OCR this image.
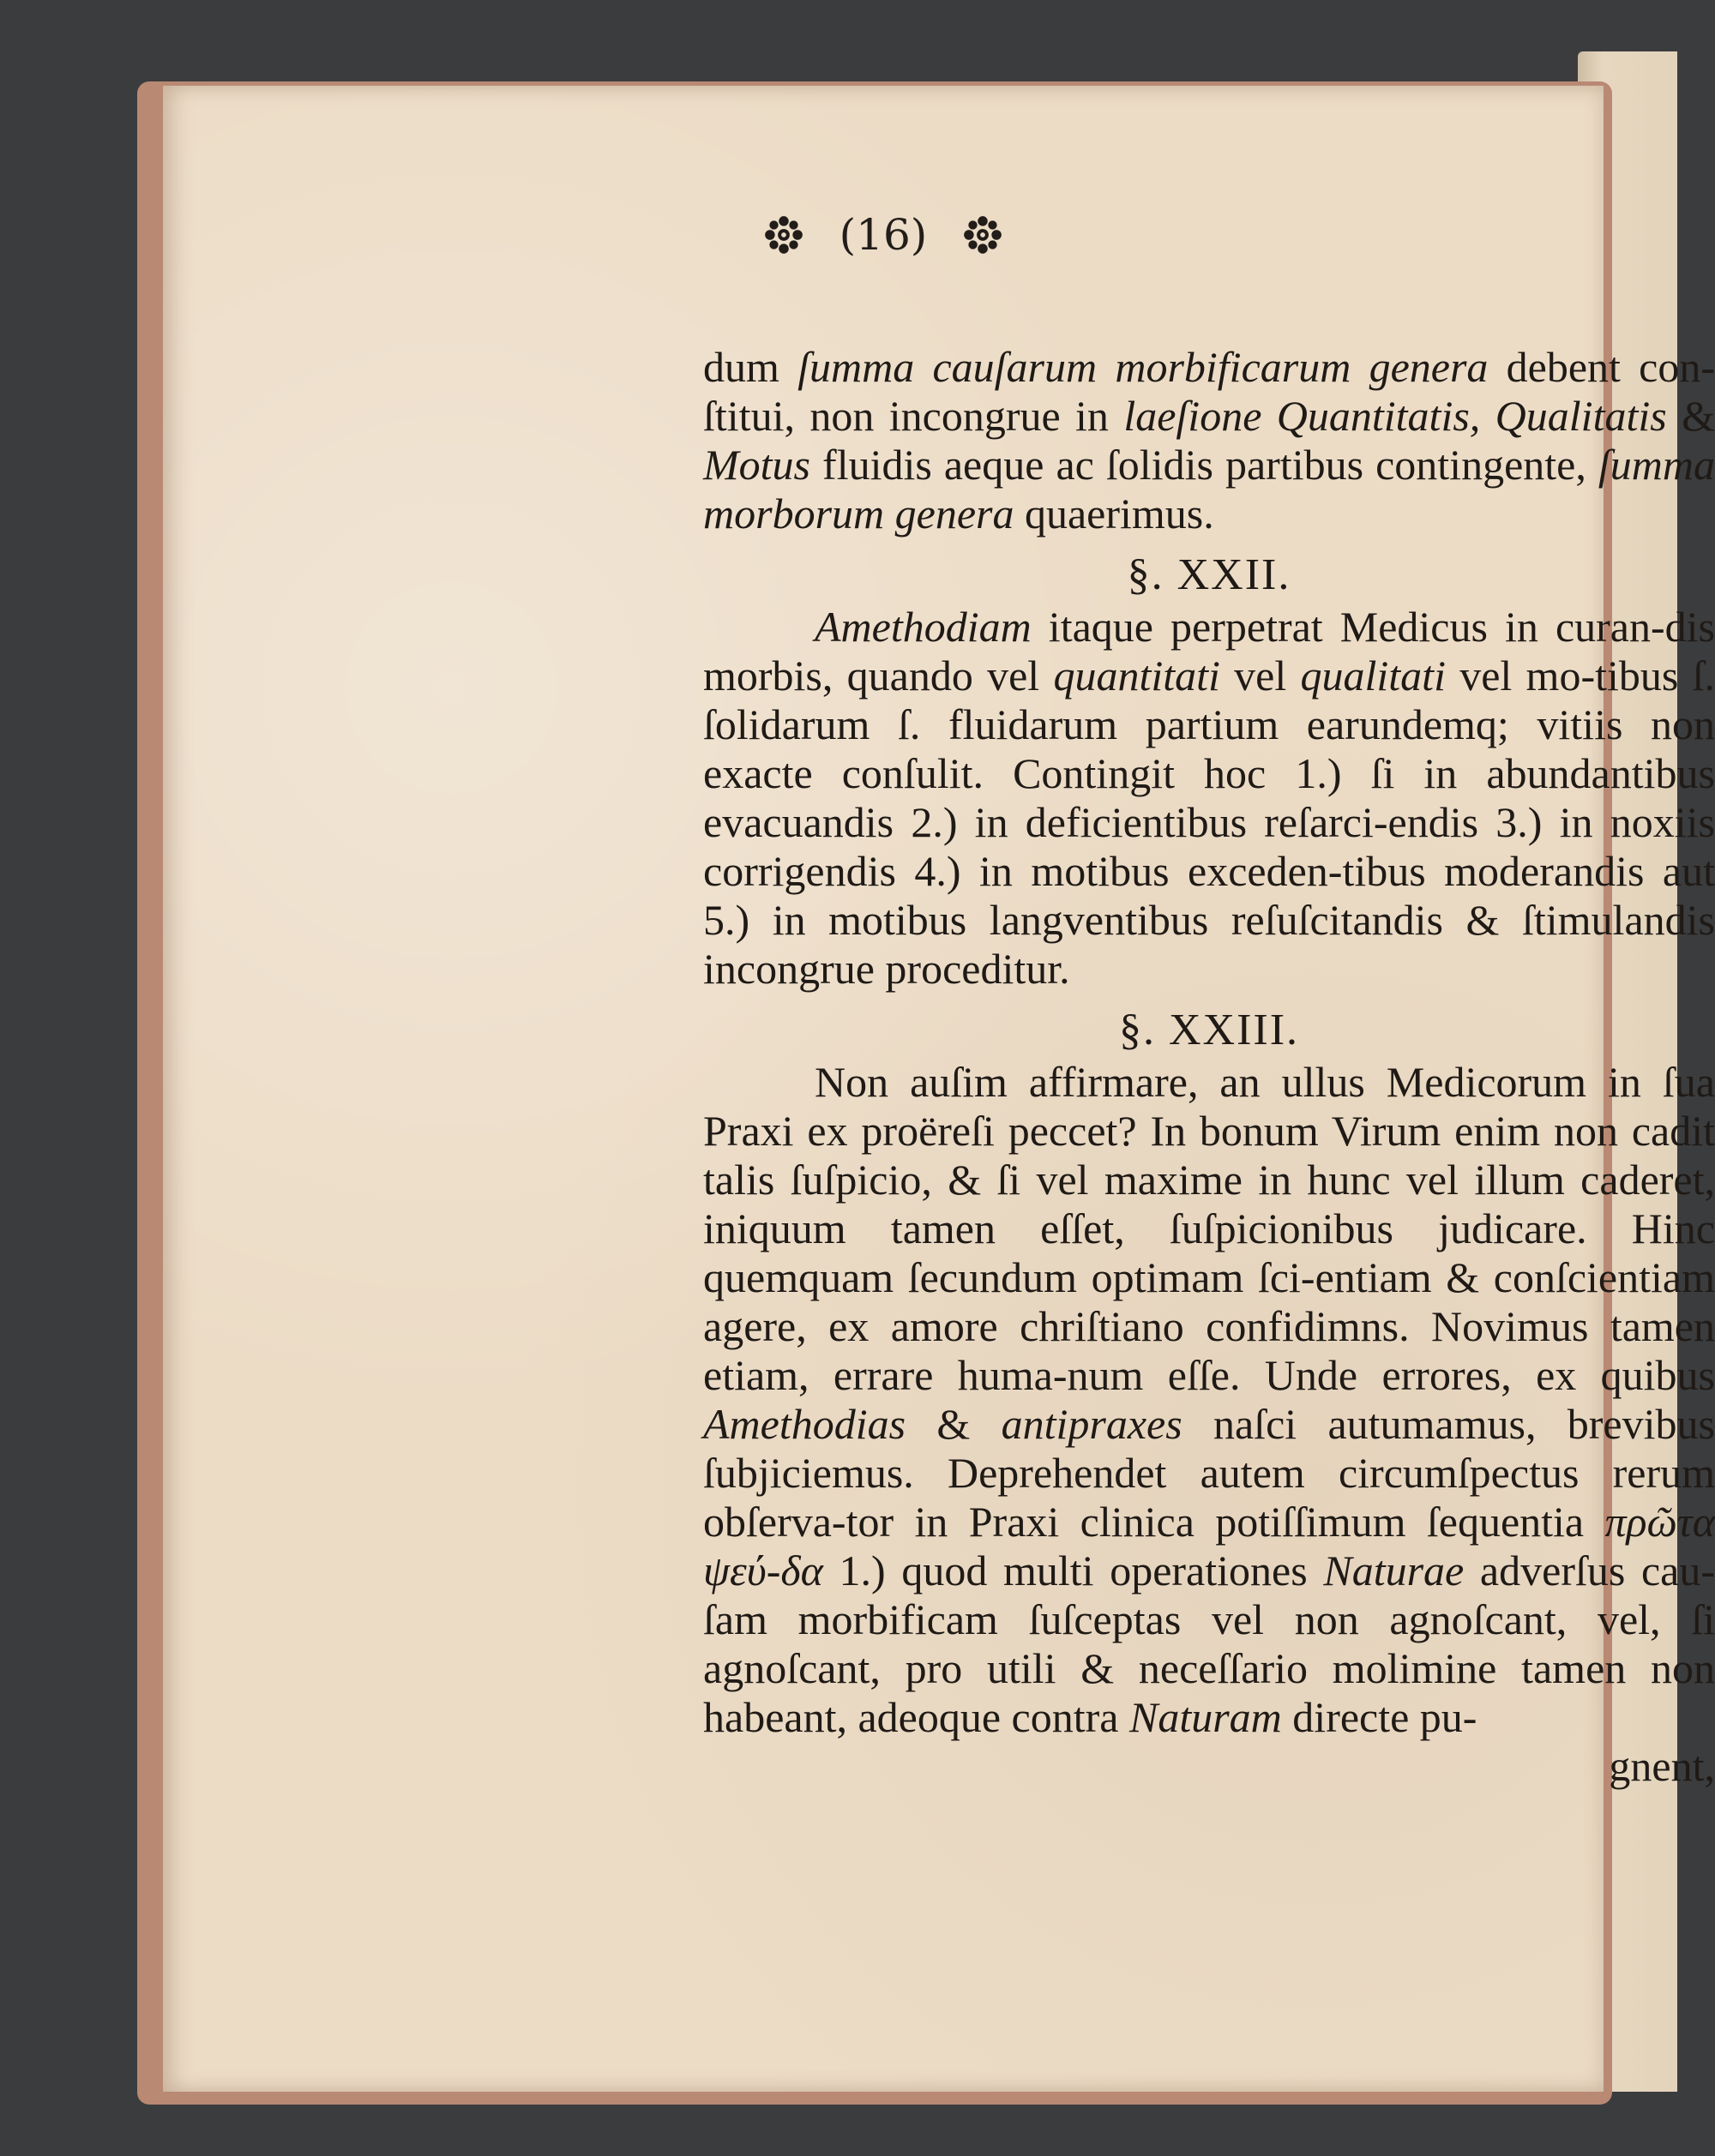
(16)

dum ſumma cauſarum morbificarum genera debent con-ſtitui, non incongrue in laeſione Quantitatis, Qualitatis & Motus fluidis aeque ac ſolidis partibus contingente, ſumma morborum genera quaerimus.

§. XXII.

Amethodiam itaque perpetrat Medicus in curan-dis morbis, quando vel quantitati vel qualitati vel mo-tibus ſ. ſolidarum ſ. fluidarum partium earundemq; vitiis non exacte conſulit. Contingit hoc 1.) ſi in abundantibus evacuandis 2.) in deficientibus reſarci-endis 3.) in noxiis corrigendis 4.) in motibus exceden-tibus moderandis aut 5.) in motibus langventibus reſuſcitandis & ſtimulandis incongrue proceditur.

§. XXIII.

Non auſim affirmare, an ullus Medicorum in ſua Praxi ex proëreſi peccet? In bonum Virum enim non cadit talis ſuſpicio, & ſi vel maxime in hunc vel illum caderet, iniquum tamen eſſet, ſuſpicionibus judicare. Hinc quemquam ſecundum optimam ſci-entiam & conſcientiam agere, ex amore chriſtiano confidimns. Novimus tamen etiam, errare huma-num eſſe. Unde errores, ex quibus Amethodias & antipraxes naſci autumamus, brevibus ſubjiciemus. Deprehendet autem circumſpectus rerum obſerva-tor in Praxi clinica potiſſimum ſequentia πρῶτα ψεύ-δα 1.) quod multi operationes Naturae adverſus cau-ſam morbificam ſuſceptas vel non agnoſcant, vel, ſi agnoſcant, pro utili & neceſſario molimine tamen non habeant, adeoque contra Naturam directe pu-

gnent,
